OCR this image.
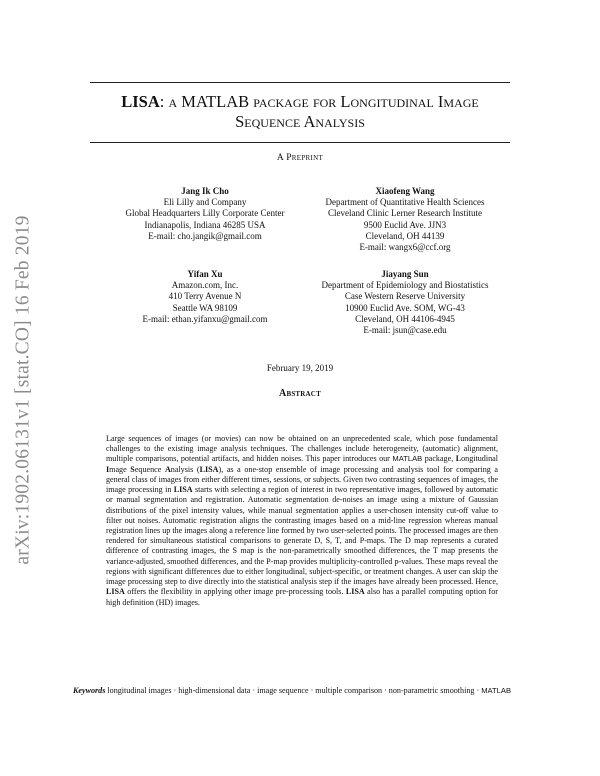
arXiv:1902.06131v1 [stat.CO] 16 Feb 2019
LISA: a MATLAB package for Longitudinal Image
Sequence Analysis
A Preprint
Jang Ik Cho
Eli Lilly and Company
Global Headquarters Lilly Corporate Center
Indianapolis, Indiana 46285 USA
E-mail: cho.jangik@gmail.com
Xiaofeng Wang
Department of Quantitative Health Sciences
Cleveland Clinic Lerner Research Institute
9500 Euclid Ave. JJN3
Cleveland, OH 44139
E-mail: wangx6@ccf.org
Yifan Xu
Amazon.com, Inc.
410 Terry Avenue N
Seattle WA 98109
E-mail: ethan.yifanxu@gmail.com
Jiayang Sun
Department of Epidemiology and Biostatistics
Case Western Reserve University
10900 Euclid Ave. SOM, WG-43
Cleveland, OH 44106-4945
E-mail: jsun@case.edu
February 19, 2019
Abstract

Large sequences of images (or movies) can now be obtained on an unprecedented scale, which pose fundamental challenges to the existing image analysis techniques. The challenges include heterogeneity, (automatic) alignment, multiple comparisons, potential artifacts, and hidden noises. This paper introduces our MATLAB package, Longitudinal Image Sequence Analysis (LISA), as a one-stop ensemble of image processing and analysis tool for comparing a general class of images from either different times, sessions, or subjects. Given two contrasting sequences of images, the image processing in LISA starts with selecting a region of interest in two representative images, followed by automatic or manual segmentation and registration. Automatic segmentation de-noises an image using a mixture of Gaussian distributions of the pixel intensity values, while manual segmentation applies a user-chosen intensity cut-off value to filter out noises. Automatic registration aligns the contrasting images based on a mid-line regression whereas manual registration lines up the images along a reference line formed by two user-selected points. The processed images are then rendered for simultaneous statistical comparisons to generate D, S, T, and P-maps. The D map represents a curated difference of contrasting images, the S map is the non-parametrically smoothed differences, the T map presents the variance-adjusted, smoothed differences, and the P-map provides multiplicity-controlled p-values. These maps reveal the regions with significant differences due to either longitudinal, subject-specific, or treatment changes. A user can skip the image processing step to dive directly into the statistical analysis step if the images have already been processed. Hence, LISA offers the flexibility in applying other image pre-processing tools. LISA also has a parallel computing option for high definition (HD) images.

Keywords longitudinal images · high-dimensional data · image sequence · multiple comparison · non-parametric smoothing · MATLAB
